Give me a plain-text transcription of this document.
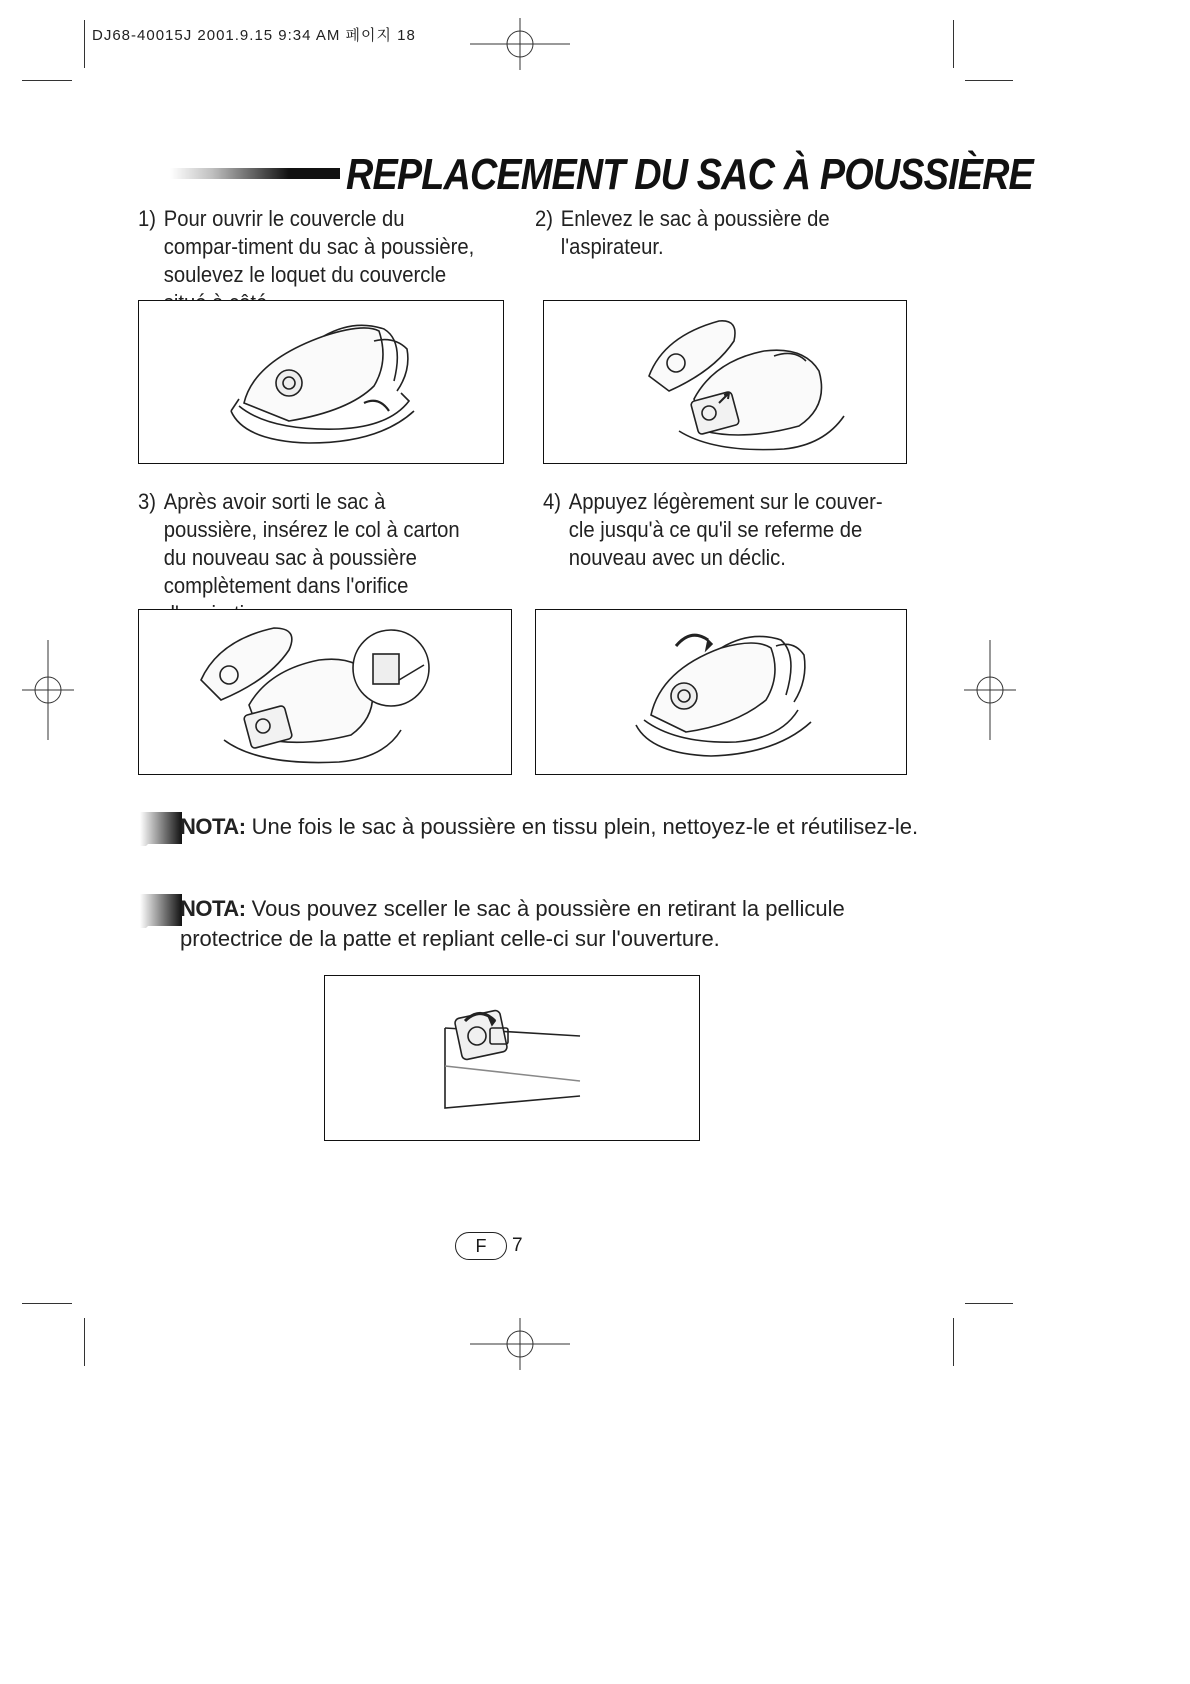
DJ68-40015J 2001.9.15 9:34 AM 페이지 18
REPLACEMENT DU SAC À POUSSIÈRE
1) Pour ouvrir le couvercle du compar-timent du sac à poussière, soulevez le loquet du couvercle
2) Enlevez le sac à poussière de l'aspirateur.
3) Après avoir sorti le sac à poussière, insérez le col à carton du nouveau sac à poussière complètement dans l'orifice
4) Appuyez légèrement sur le couver-cle jusqu'à ce qu'il se referme de nouveau avec un déclic.
NOTA: Une fois le sac à poussière en tissu plein, nettoyez-le et réutilisez-le.
NOTA: Vous pouvez sceller le sac à poussière en retirant la pellicule protectrice de la patte et repliant celle-ci sur l'ouverture.
F	7
